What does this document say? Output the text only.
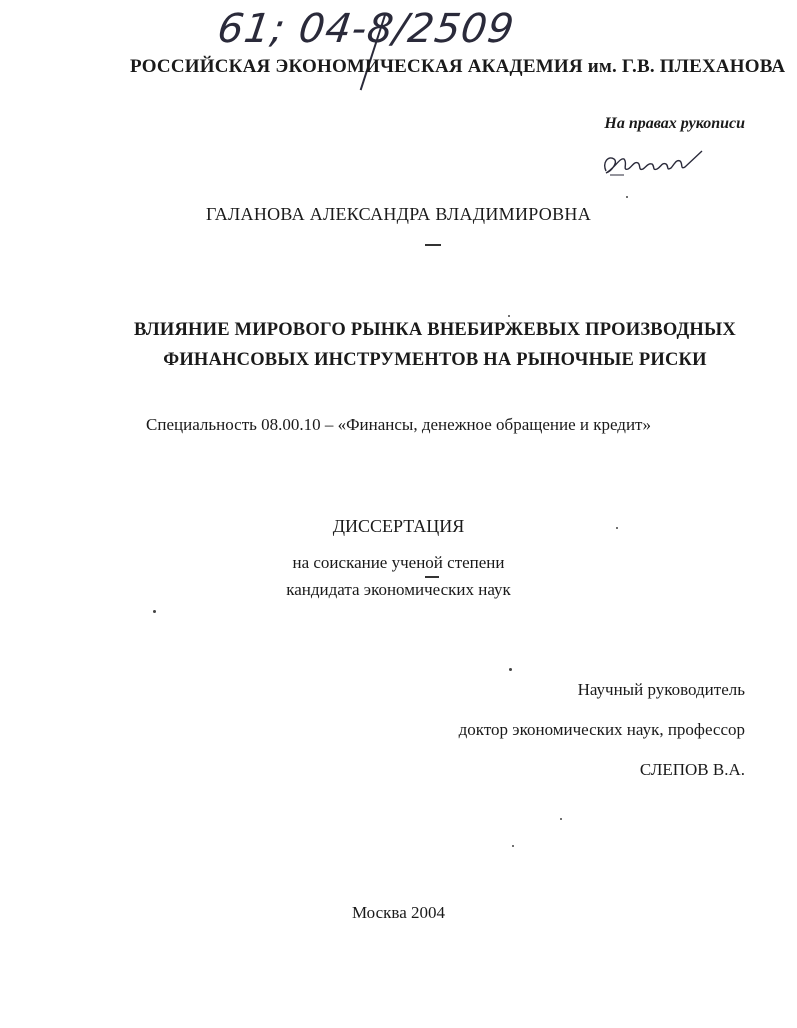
61; 04-8/2509
РОССИЙСКАЯ ЭКОНОМИЧЕСКАЯ АКАДЕМИЯ им. Г.В. ПЛЕХАНОВА
На правах рукописи
ГАЛАНОВА АЛЕКСАНДРА ВЛАДИМИРОВНА
ВЛИЯНИЕ МИРОВОГО РЫНКА ВНЕБИРЖЕВЫХ ПРОИЗВОДНЫХ
ФИНАНСОВЫХ ИНСТРУМЕНТОВ НА РЫНОЧНЫЕ РИСКИ
Специальность 08.00.10 – «Финансы, денежное обращение и кредит»
ДИССЕРТАЦИЯ
на соискание ученой степени
кандидата экономических наук
Научный руководитель
доктор экономических наук, профессор
СЛЕПОВ В.А.
Москва 2004
